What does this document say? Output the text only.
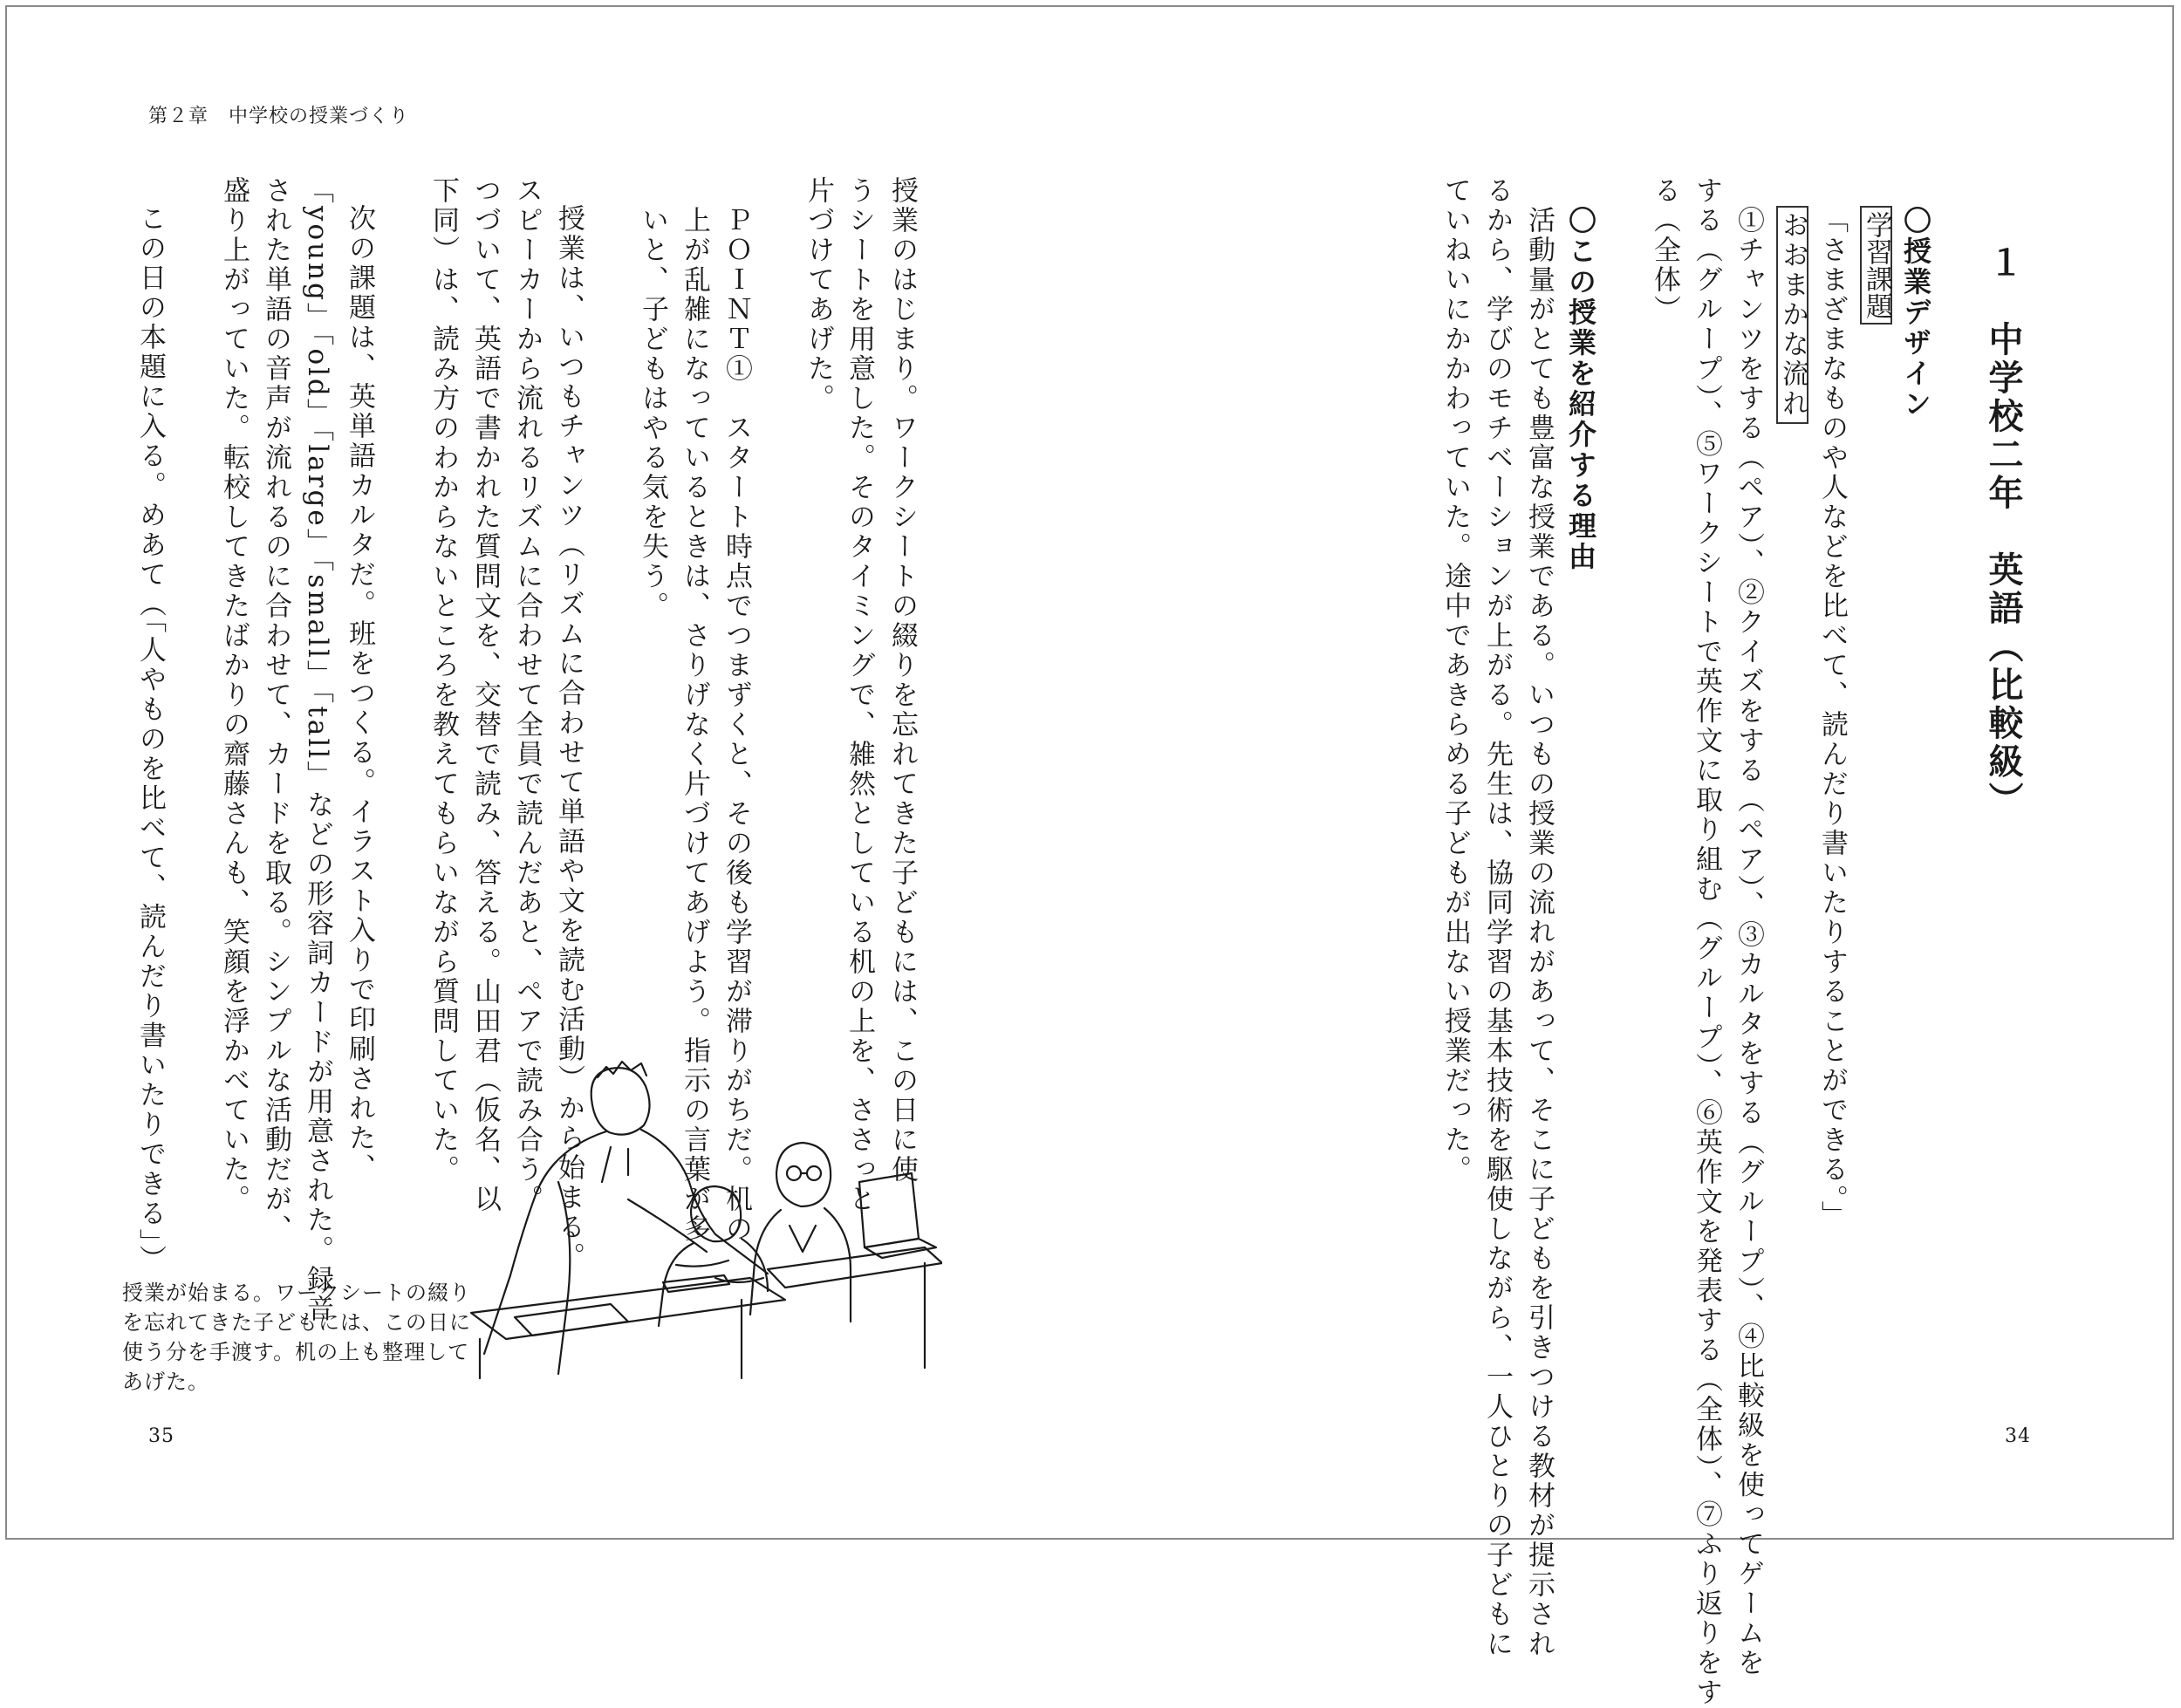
第２章　中学校の授業づくり
授業のはじまり。ワークシートの綴りを忘れてきた子どもには、この日に使
うシートを用意した。そのタイミングで、雑然としている机の上を、ささっと
片づけてあげた。
ＰＯＩＮＴ①　スタート時点でつまずくと、その後も学習が滞りがちだ。机の
上が乱雑になっているときは、さりげなく片づけてあげよう。指示の言葉が多
いと、子どもはやる気を失う。
授業は、いつもチャンツ（リズムに合わせて単語や文を読む活動）から始まる。
スピーカーから流れるリズムに合わせて全員で読んだあと、ペアで読み合う。
つづいて、英語で書かれた質問文を、交替で読み、答える。山田君（仮名、以
下同）は、読み方のわからないところを教えてもらいながら質問していた。
次の課題は、英単語カルタだ。班をつくる。イラスト入りで印刷された、
「young」「old」「large」「small」「tall」などの形容詞カードが用意された。録音
された単語の音声が流れるのに合わせて、カードを取る。シンプルな活動だが、
盛り上がっていた。転校してきたばかりの齋藤さんも、笑顔を浮かべていた。
この日の本題に入る。めあて（「人やものを比べて、読んだり書いたりできる」）
授業が始まる。ワークシートの綴り
を忘れてきた子どもには、この日に
使う分を手渡す。机の上も整理して
あげた。
35
１　中学校二年　英語（比較級）
〇授業デザイン
学習課題
「さまざまなものや人などを比べて、読んだり書いたりすることができる。」
おおまかな流れ
①チャンツをする（ペア）、②クイズをする（ペア）、③カルタをする（グループ）、④比較級を使ってゲームを
する（グループ）、⑤ワークシートで英作文に取り組む（グループ）、⑥英作文を発表する（全体）、⑦ふり返りをす
る（全体）
〇この授業を紹介する理由
活動量がとても豊富な授業である。いつもの授業の流れがあって、そこに子どもを引きつける教材が提示され
るから、学びのモチベーションが上がる。先生は、協同学習の基本技術を駆使しながら、一人ひとりの子どもに
ていねいにかかわっていた。途中であきらめる子どもが出ない授業だった。
34
